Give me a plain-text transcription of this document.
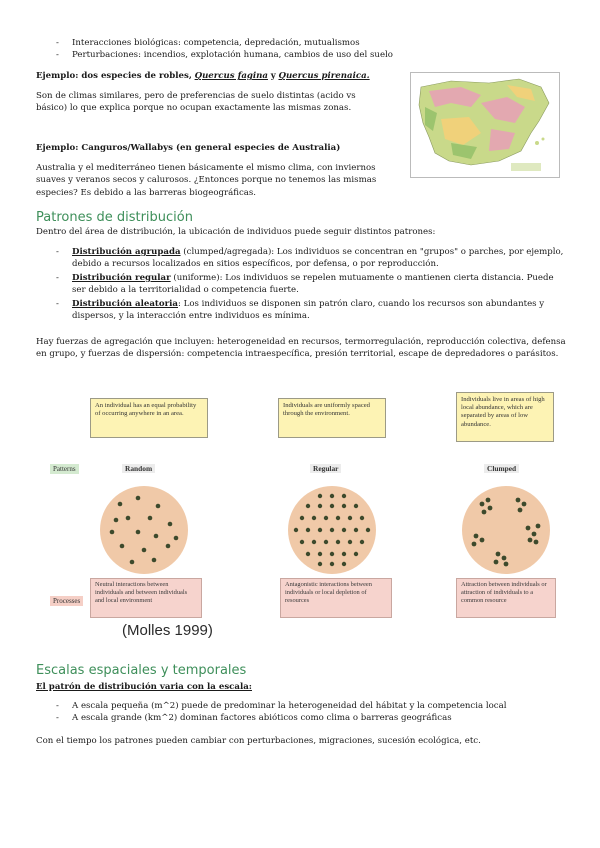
- Interacciones biológicas: competencia, depredación, mutualismos
- Perturbaciones: incendios, explotación humana, cambios de uso del suelo
Ejemplo: dos especies de robles, Quercus fagina y Quercus pirenaica.
Son de climas similares, pero de preferencias de suelo distintas (acido vs básico) lo que explica porque no ocupan exactamente las mismas zonas.
Ejemplo: Canguros/Wallabys (en general especies de Australia)
Australia y el mediterráneo tienen básicamente el mismo clima, con inviernos suaves y veranos secos y calurosos. ¿Entonces porque no tenemos las mismas especies? Es debido a las barreras biogeográficas.
Patrones de distribución
Dentro del área de distribución, la ubicación de individuos puede seguir distintos patrones:
- Distribución agrupada (clumped/agregada): Los individuos se concentran en "grupos" o parches, por ejemplo, debido a recursos localizados en sitios específicos, por defensa, o por reproducción.
- Distribución regular (uniforme): Los individuos se repelen mutuamente o mantienen cierta distancia. Puede ser debido a la territorialidad o competencia fuerte.
- Distribución aleatoria: Los individuos se disponen sin patrón claro, cuando los recursos son abundantes y dispersos, y la interacción entre individuos es mínima.
Hay fuerzas de agregación que incluyen: heterogeneidad en recursos, termorregulación, reproducción colectiva, defensa en grupo, y fuerzas de dispersión: competencia intraespecífica, presión territorial, escape de depredadores o parásitos.
Patterns
Processes
An individual has an equal probability of occurring anywhere in an area.
Random
Neutral interactions between individuals and between individuals and local environment
Individuals are uniformly spaced through the environment.
Regular
Antagonistic interactions between individuals or local depletion of resources
Individuals live in areas of high local abundance, which are separated by areas of low abundance.
Clumped
Attraction between individuals or attraction of individuals to a common resource
(Molles 1999)
Escalas espaciales y temporales
El patrón de distribución varia con la escala:
- A escala pequeña (m^2) puede de predominar la heterogeneidad del hábitat y la competencia local
- A escala grande (km^2) dominan factores abióticos como clima o barreras geográficas
Con el tiempo los patrones pueden cambiar con perturbaciones, migraciones, sucesión ecológica, etc.
